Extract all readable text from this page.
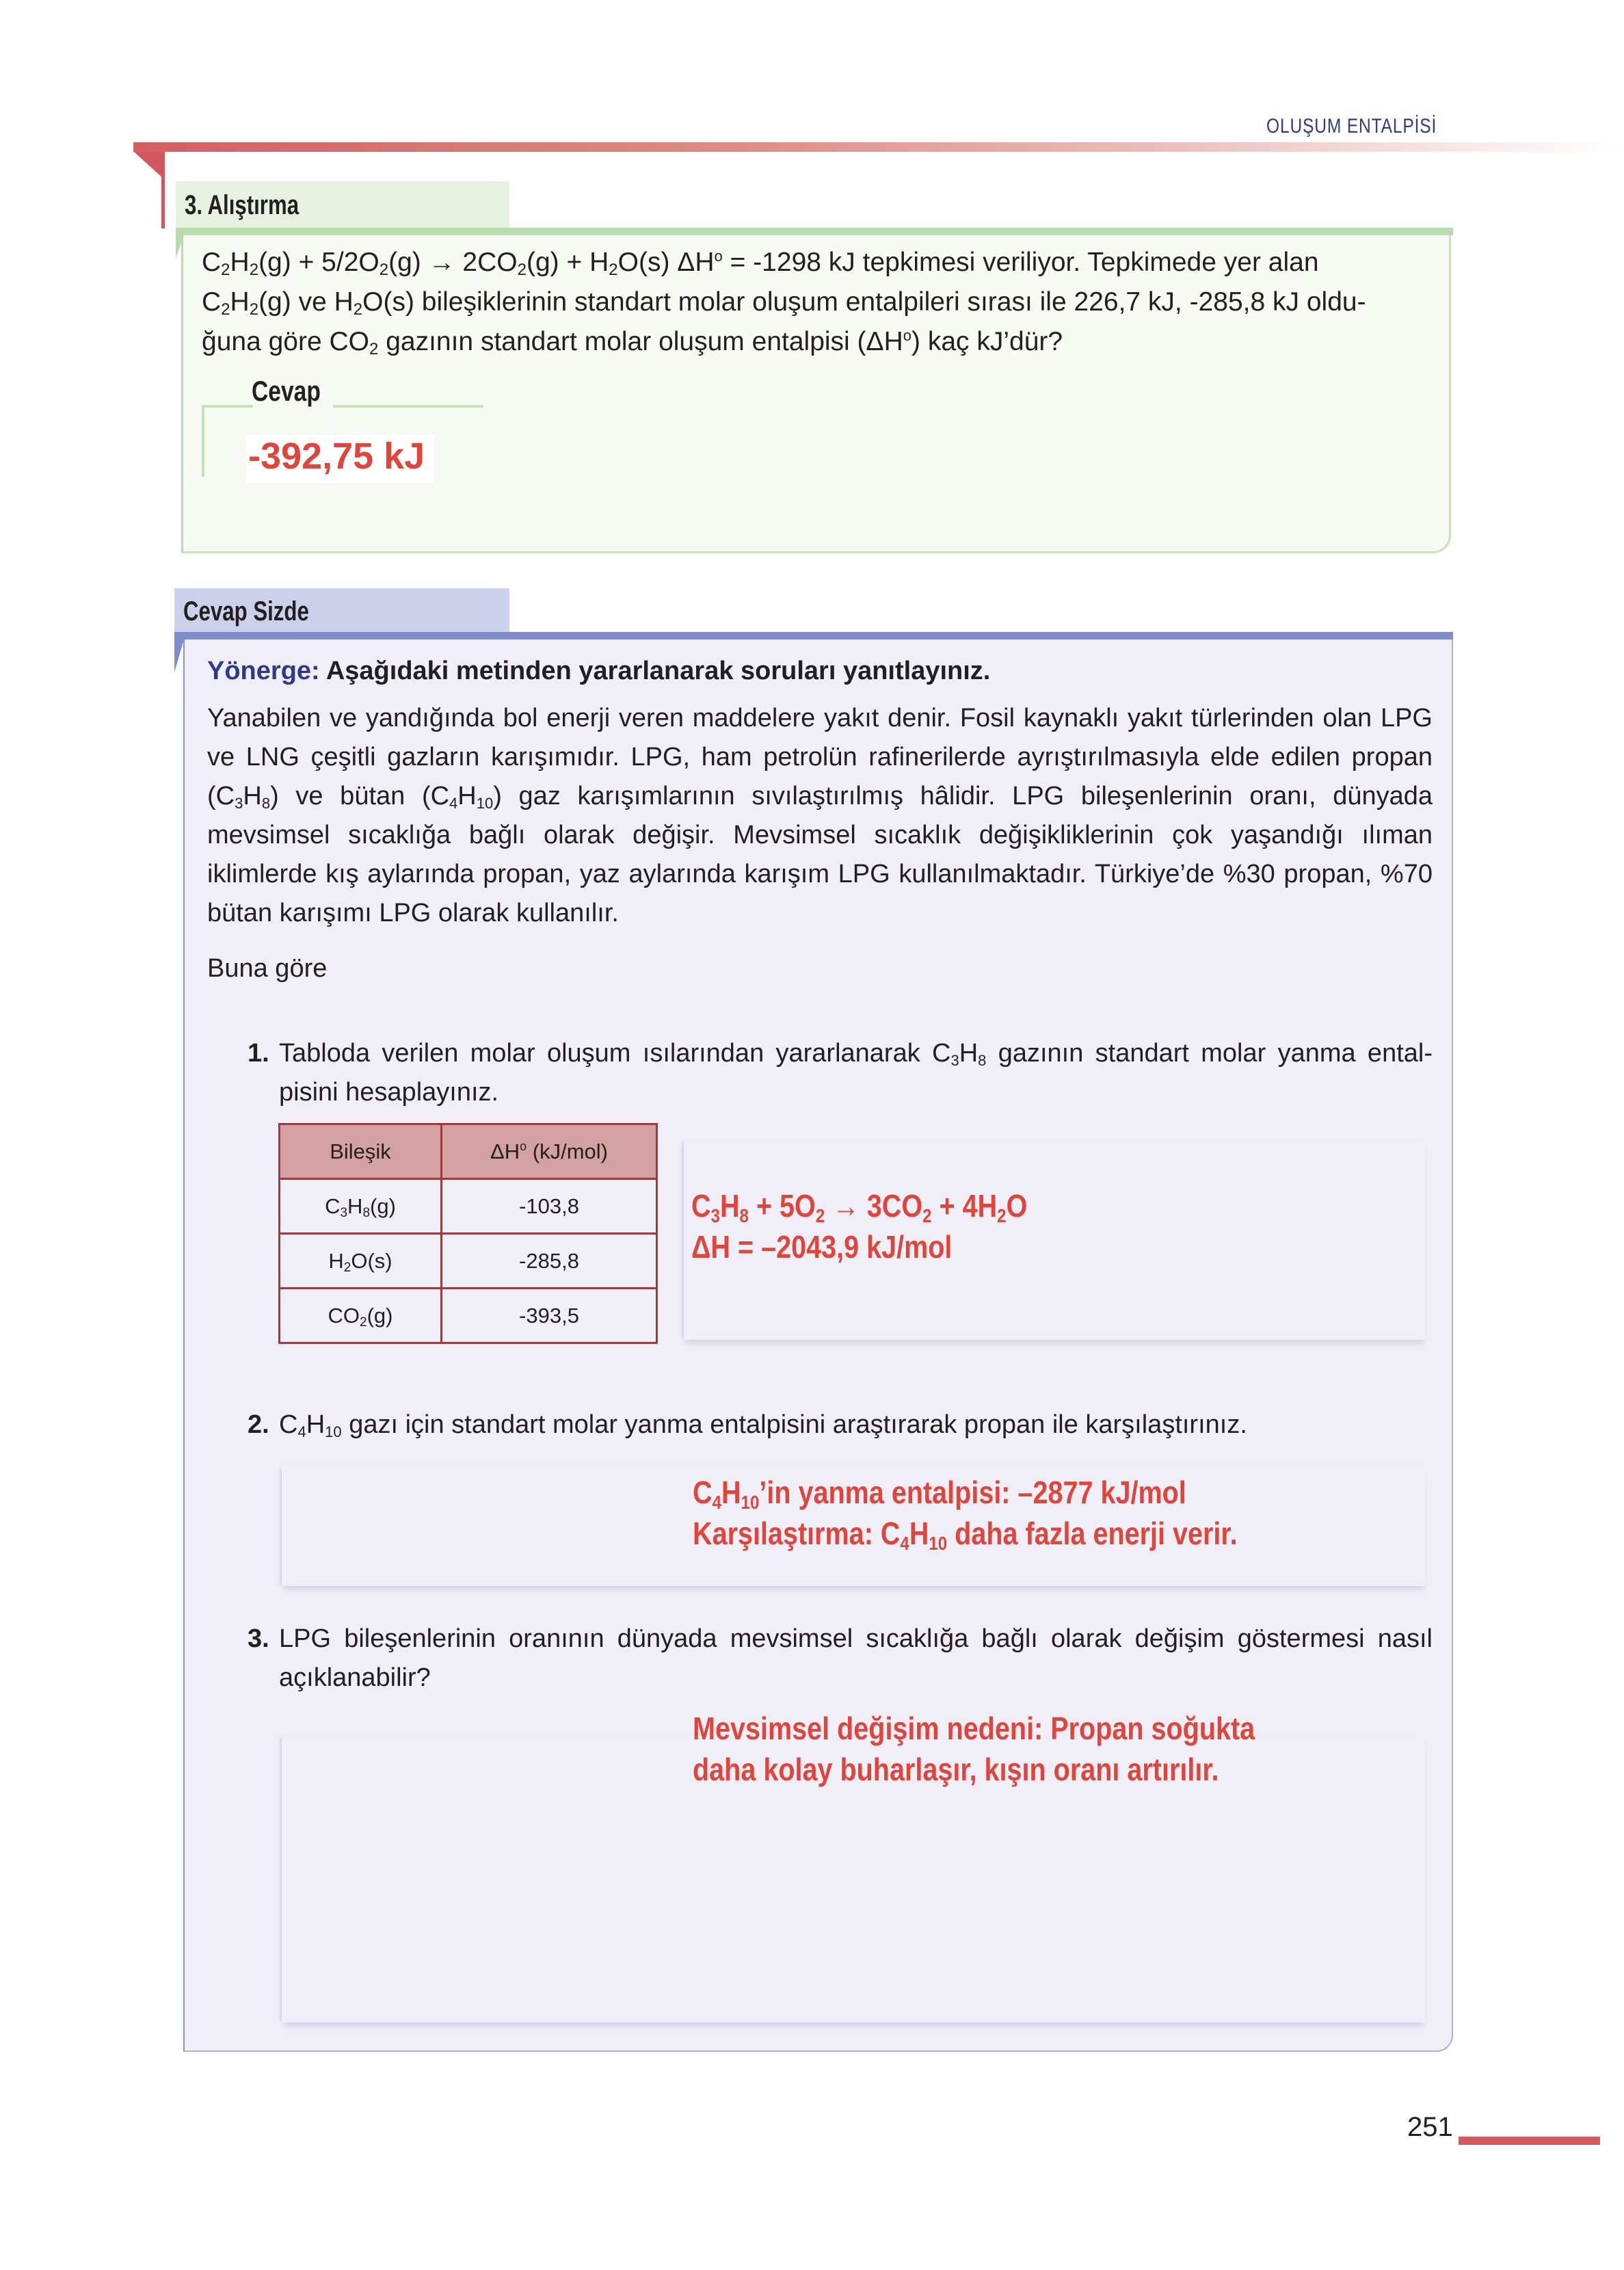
OLUŞUM ENTALPİSİ
3. Alıştırma
$C_2H_2(g) + 5/2O_2(g) \to 2CO_2(g) + H_2O(s) \Delta H^o = -1298$ kJ tepkimesi veriliyor. Tepkimede yer alan
$C_2H_2(g)$ ve $H_2O(s)$ bileşiklerinin standart molar oluşum entalpileri sırası ile 226,7 kJ, -285,8 kJ oldu-
ğuna göre $CO_2$ gazının standart molar oluşum entalpisi $(\Delta H^o)$ kaç kJ’dür?
Cevap
-392,75 kJ
Cevap Sizde
Yönerge: Aşağıdaki metinden yararlanarak soruları yanıtlayınız.
Yanabilen ve yandığında bol enerji veren maddelere yakıt denir. Fosil kaynaklı yakıt türlerinden olan LPG ve LNG çeşitli gazların karışımıdır. LPG, ham petrolün rafinerilerde ayrıştırılmasıyla elde edilen propan $(C_3H_8)$ ve bütan $(C_4H_{10})$ gaz karışımlarının sıvılaştırılmış hâlidir. LPG bileşenlerinin oranı, dünyada mevsimsel sıcaklığa bağlı olarak değişir. Mevsimsel sıcaklık değişikliklerinin çok yaşandığı ılıman iklimlerde kış aylarında propan, yaz aylarında karışım LPG kullanılmaktadır. Türkiye’de %30 propan, %70 bütan karışımı LPG olarak kullanılır.
Buna göre
1. Tabloda verilen molar oluşum ısılarından yararlanarak $C_3H_8$ gazının standart molar yanma ental-pisini hesaplayınız.
Bileşik	$\Delta H^o$ (kJ/mol)
$C_3H_8(g)$	-103,8
$H_2O(s)$	-285,8
$CO_2(g)$	-393,5
$C_3H_8 + 5O_2 \to 3CO_2 + 4H_2O$
ΔH = –2043,9 kJ/mol
2. $C_4H_{10}$ gazı için standart molar yanma entalpisini araştırarak propan ile karşılaştırınız.
$C_4H_{10}’in$ yanma entalpisi: –2877 kJ/mol
Karşılaştırma: $C_4H_{10}$ daha fazla enerji verir.
3. LPG bileşenlerinin oranının dünyada mevsimsel sıcaklığa bağlı olarak değişim göstermesi nasıl açıklanabilir?
Mevsimsel değişim nedeni: Propan soğukta
daha kolay buharlaşır, kışın oranı artırılır.
251
